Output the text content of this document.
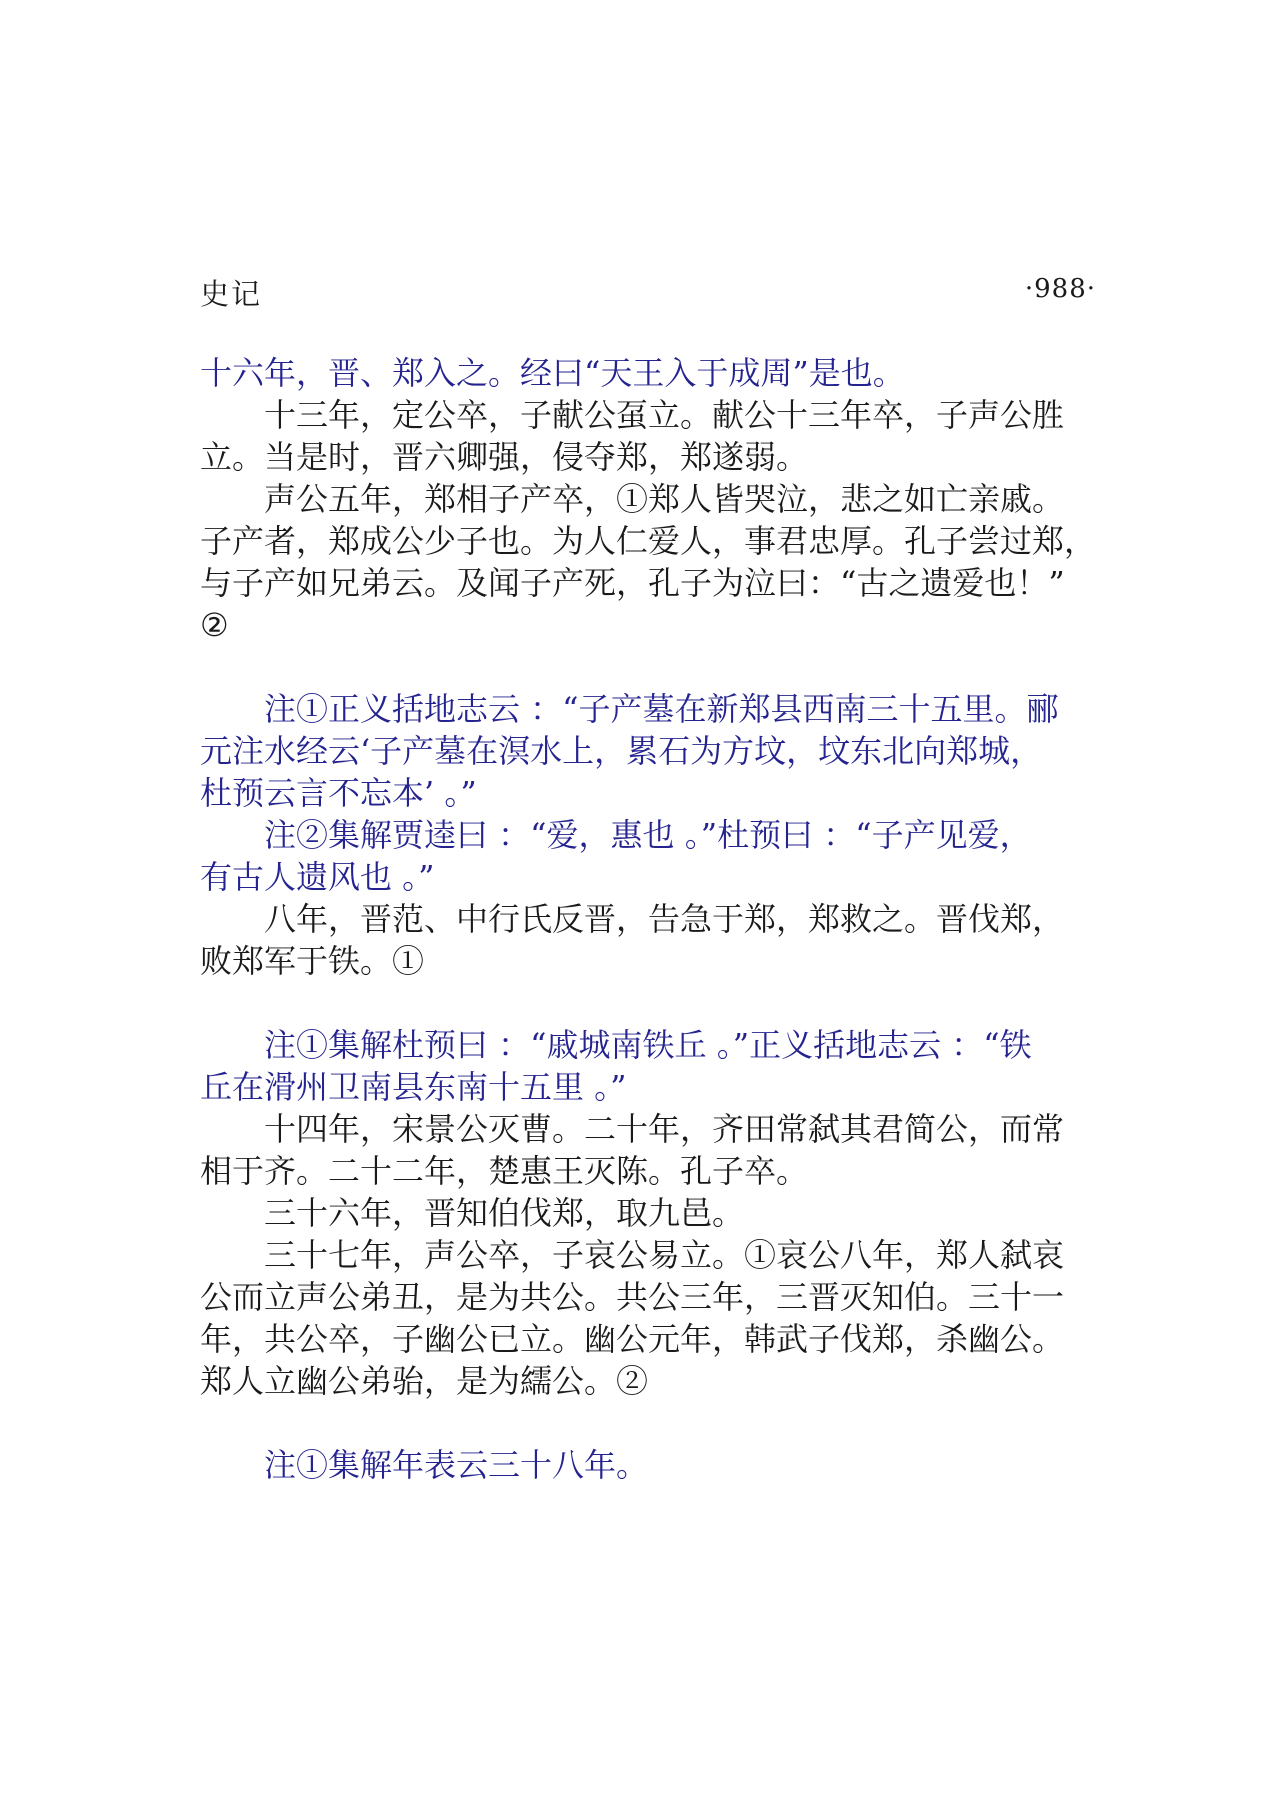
史记	·988·
十六年，晋、郑入之。经曰“天王入于成周”是也。
十三年，定公卒，子献公虿立。献公十三年卒，子声公胜
立。当是时，晋六卿强，侵夺郑，郑遂弱。
声公五年，郑相子产卒，①郑人皆哭泣，悲之如亡亲戚。
子产者，郑成公少子也。为人仁爱人，事君忠厚。孔子尝过郑，
与子产如兄弟云。及闻子产死，孔子为泣曰：“古之遗爱也！”
②
注①正义括地志云 ：“子产墓在新郑县西南三十五里。郦
元注水经云‘子产墓在溟水上，累石为方坟，坟东北向郑城，
杜预云言不忘本’ 。”
注②集解贾逵曰 ：“爱，惠也 。”杜预曰 ：“子产见爱，
有古人遗风也 。”
八年，晋范、中行氏反晋，告急于郑，郑救之。晋伐郑，
败郑军于铁。①
注①集解杜预曰 ：“戚城南铁丘 。”正义括地志云 ：“铁
丘在滑州卫南县东南十五里 。”
十四年，宋景公灭曹。二十年，齐田常弑其君简公，而常
相于齐。二十二年，楚惠王灭陈。孔子卒。
三十六年，晋知伯伐郑，取九邑。
三十七年，声公卒，子哀公易立。①哀公八年，郑人弑哀
公而立声公弟丑，是为共公。共公三年，三晋灭知伯。三十一
年，共公卒，子幽公已立。幽公元年，韩武子伐郑，杀幽公。
郑人立幽公弟骀，是为繻公。②
注①集解年表云三十八年。
